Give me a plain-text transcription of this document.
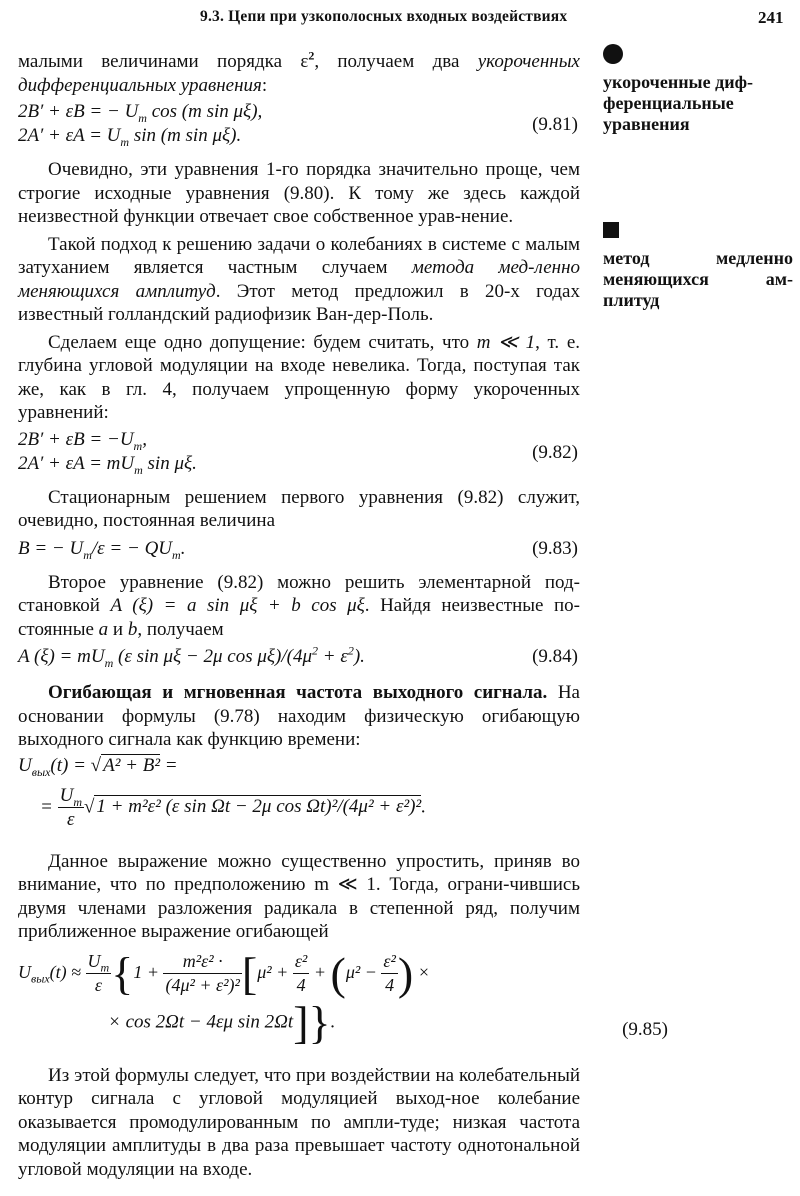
9.3. Цепи при узкополосных входных воздействиях	241
укороченные диф-ференциальные уравнения
метод медленно меняющихся ам-плитуд

малыми величинами порядка $\varepsilon^2$, получаем два укороченных дифференциальных уравнения:

2B′ + εB = − $U_m$ cos (m sin μξ),
$2A' + \varepsilon A = U_m$ sin (m sin μξ).
(9.81)

Очевидно, эти уравнения 1-го порядка значительно проще, чем строгие исходные уравнения (9.80). К тому же здесь каждой неизвестной функции отвечает свое собственное урав-нение.

Такой подход к решению задачи о колебаниях в системе с малым затуханием является частным случаем метода мед-ленно меняющихся амплитуд. Этот метод предложил в 20-х годах известный голландский радиофизик Ван-дер-Поль.

Сделаем еще одно допущение: будем считать, что m ≪ 1, т. е. глубина угловой модуляции на входе невелика. Тогда, поступая так же, как в гл. 4, получаем упрощенную форму укороченных уравнений:

$2B' + \varepsilon B = -U_m$,
$2A' + \varepsilon A = mU_m$ sin μξ.
(9.82)

Стационарным решением первого уравнения (9.82) служит, очевидно, постоянная величина

B = − $U_m/\varepsilon$ = − $QU_m$.	(9.83)

Второе уравнение (9.82) можно решить элементарной под-становкой A (ξ) = a sin μξ + b cos μξ. Найдя неизвестные по-стоянные a и b, получаем

A $(\xi) = mU_m$ (ε sin μξ − 2μ $\cos \mu\xi)/(4\mu^2 + \varepsilon^2)$.	(9.84)

Огибающая и мгновенная частота выходного сигнала. На основании формулы (9.78) находим физическую огибающую выходного сигнала как функцию времени:

$U_{вых}(t)$ = √ A² + B² =
= $\frac{U_m}{\varepsilon}$ √ 1 + m²ε² (ε sin Ωt − 2μ cos Ωt)²/(4μ² + ε²)².

Данное выражение можно существенно упростить, приняв во внимание, что по предположению m ≪ 1. Тогда, ограни-чившись двумя членами разложения радикала в степенной ряд, получим приближенное выражение огибающей

$U_{вых}(t) \approx \frac{U_m}{\varepsilon} \{1 + \frac{\text{m²ε² ·}}{\text{(4μ² + ε²)²}} [\mu^2 + \frac{\text{ε²}}{4} + (\mu^2 - \frac{\text{ε²}}{4}$ ) ×
× cos 2Ωt − 4εμ sin 2Ωt]}.	(9.85)

Из этой формулы следует, что при воздействии на колебательный контур сигнала с угловой модуляцией выход-ное колебание оказывается промодулированным по ампли-туде; низкая частота модуляции амплитуды в два раза превышает частоту однотональной угловой модуляции на входе.
